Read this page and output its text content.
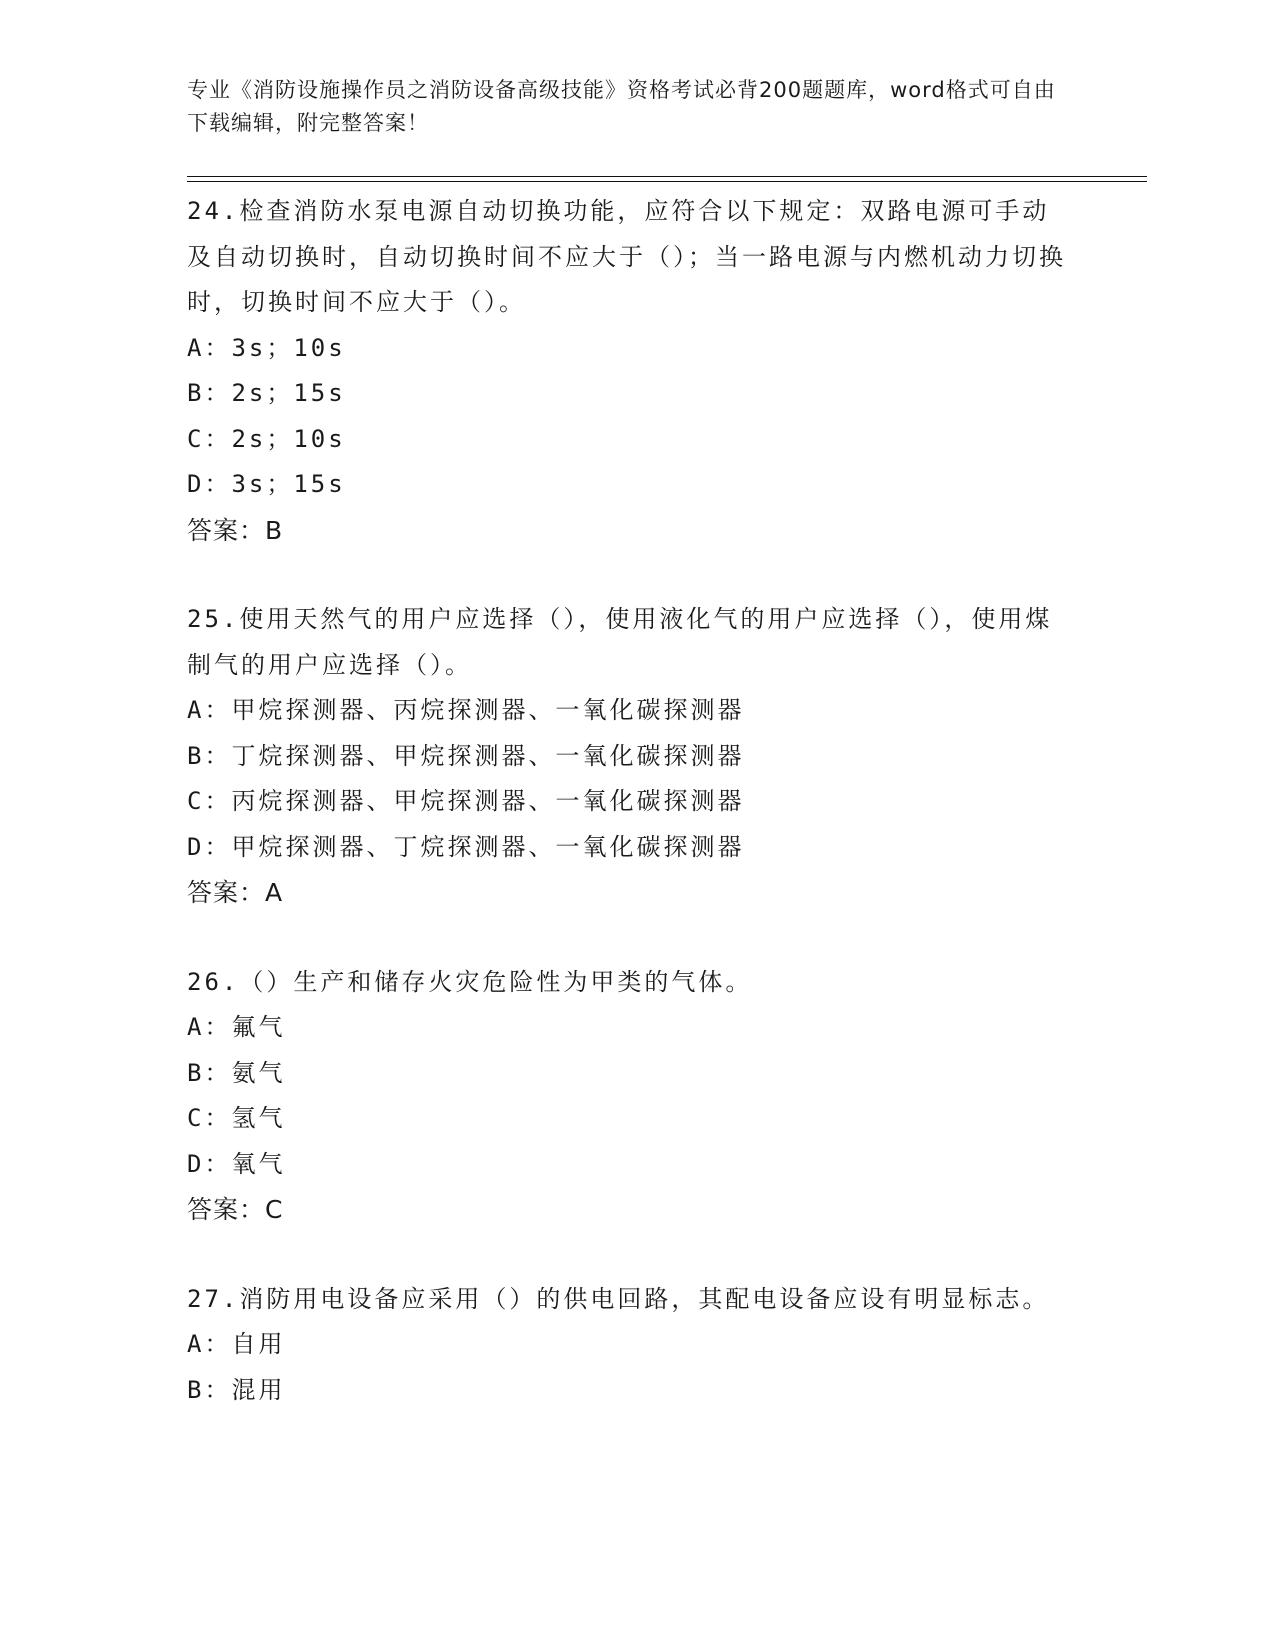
专业《消防设施操作员之消防设备高级技能》资格考试必背200题题库，word格式可自由下载编辑，附完整答案！

24.检查消防水泵电源自动切换功能，应符合以下规定：双路电源可手动及自动切换时，自动切换时间不应大于（）；当一路电源与内燃机动力切换时，切换时间不应大于（）。

A：3s；10s

B：2s；15s

C：2s；10s

D：3s；15s

答案：B

25.使用天然气的用户应选择（），使用液化气的用户应选择（），使用煤制气的用户应选择（）。

A：甲烷探测器、丙烷探测器、一氧化碳探测器

B：丁烷探测器、甲烷探测器、一氧化碳探测器

C：丙烷探测器、甲烷探测器、一氧化碳探测器

D：甲烷探测器、丁烷探测器、一氧化碳探测器

答案：A

26.（）生产和储存火灾危险性为甲类的气体。

A：氟气

B：氨气

C：氢气

D：氧气

答案：C

27.消防用电设备应采用（）的供电回路，其配电设备应设有明显标志。

A：自用

B：混用
